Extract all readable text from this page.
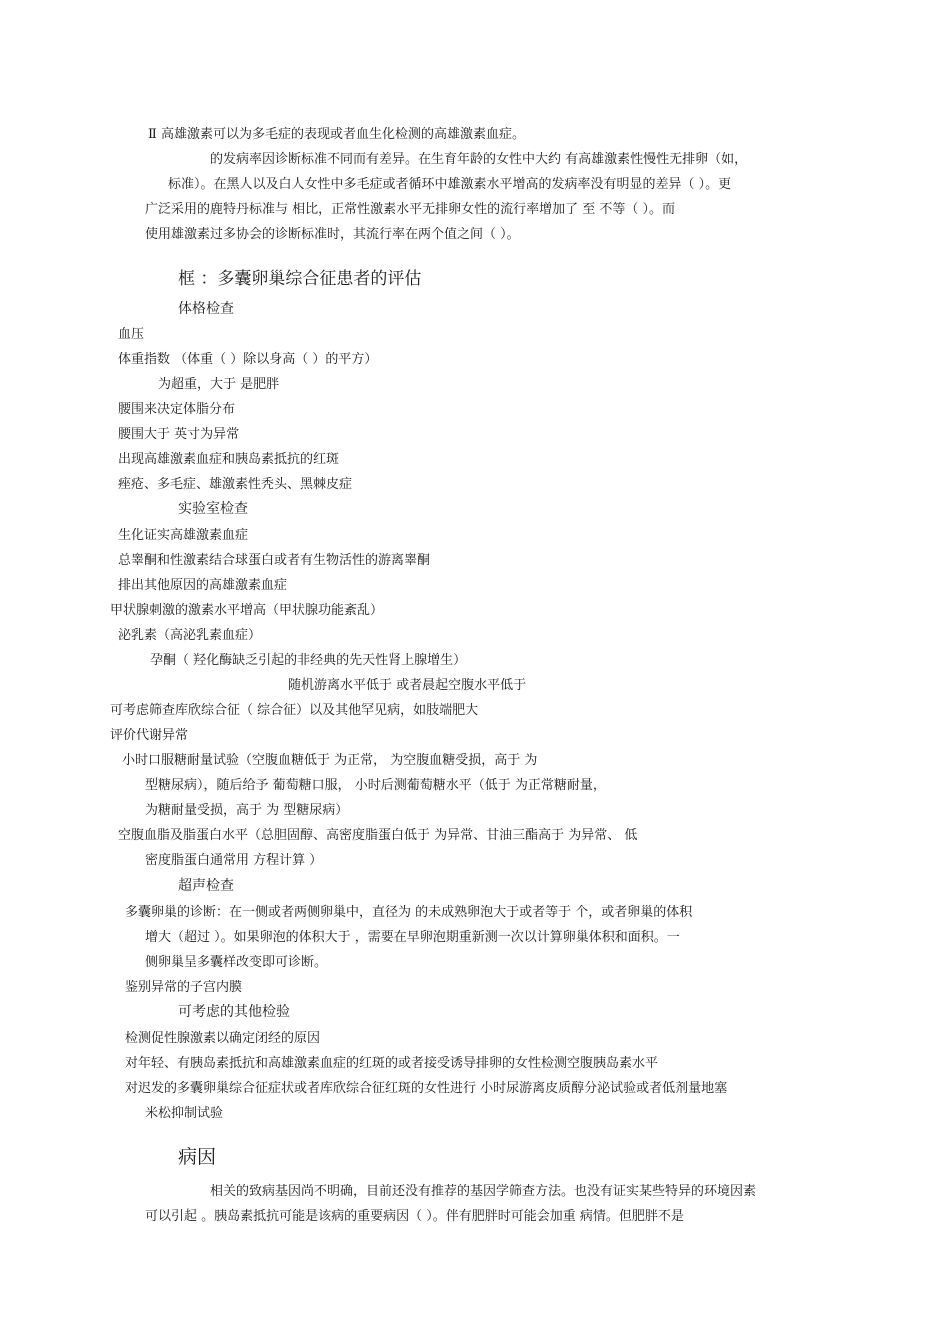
Ⅱ 高雄激素可以为多毛症的表现或者血生化检测的高雄激素血症。
的发病率因诊断标准不同而有差异。在生育年龄的女性中大约 有高雄激素性慢性无排卵（如，
标准）。在黑人以及白人女性中多毛症或者循环中雄激素水平增高的发病率没有明显的差异（ ）。更
广泛采用的鹿特丹标准与 相比，正常性激素水平无排卵女性的流行率增加了 至 不等（ ）。而
使用雄激素过多协会的诊断标准时，其流行率在两个值之间（ ）。
框 ：多囊卵巢综合征患者的评估
体格检查
血压
体重指数 （体重（ ）除以身高（ ）的平方）
为超重，大于 是肥胖
腰围来决定体脂分布
腰围大于 英寸为异常
出现高雄激素血症和胰岛素抵抗的红斑
痤疮、多毛症、雄激素性秃头、黑棘皮症
实验室检查
生化证实高雄激素血症
总睾酮和性激素结合球蛋白或者有生物活性的游离睾酮
排出其他原因的高雄激素血症
甲状腺刺激的激素水平增高（甲状腺功能紊乱）
泌乳素（高泌乳素血症）
孕酮（ 羟化酶缺乏引起的非经典的先天性肾上腺增生）
随机游离水平低于 或者晨起空腹水平低于
可考虑筛查库欣综合征（ 综合征）以及其他罕见病，如肢端肥大
评价代谢异常
小时口服糖耐量试验（空腹血糖低于 为正常， 为空腹血糖受损，高于 为
型糖尿病），随后给予 葡萄糖口服， 小时后测葡萄糖水平（低于 为正常糖耐量，
为糖耐量受损，高于 为 型糖尿病）
空腹血脂及脂蛋白水平（总胆固醇、高密度脂蛋白低于 为异常、甘油三酯高于 为异常、 低
密度脂蛋白通常用 方程计算 ）
超声检查
多囊卵巢的诊断：在一侧或者两侧卵巢中，直径为 的未成熟卵泡大于或者等于 个，或者卵巢的体积
增大（超过 ）。如果卵泡的体积大于 ，需要在早卵泡期重新测一次以计算卵巢体积和面积。一
侧卵巢呈多囊样改变即可诊断。
鉴别异常的子宫内膜
可考虑的其他检验
检测促性腺激素以确定闭经的原因
对年轻、有胰岛素抵抗和高雄激素血症的红斑的或者接受诱导排卵的女性检测空腹胰岛素水平
对迟发的多囊卵巢综合征症状或者库欣综合征红斑的女性进行 小时尿游离皮质醇分泌试验或者低剂量地塞
米松抑制试验
病因
相关的致病基因尚不明确，目前还没有推荐的基因学筛查方法。也没有证实某些特异的环境因素
可以引起 。胰岛素抵抗可能是该病的重要病因（ ）。伴有肥胖时可能会加重 病情。但肥胖不是
